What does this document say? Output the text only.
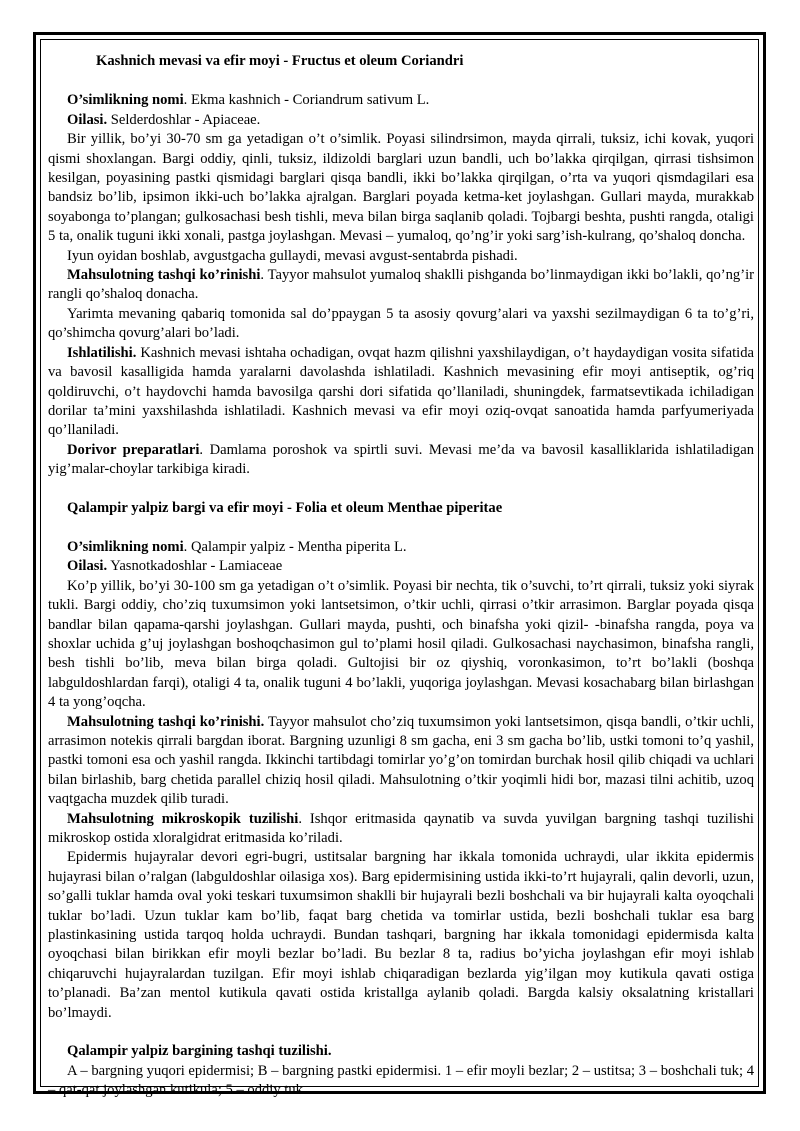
Kashnich mevasi va efir moyi - Fructus et oleum Coriandri

O’simlikning nomi. Ekma kashnich - Coriandrum sativum L.

Oilasi. Selderdoshlar - Apiaceae.

Bir yillik, bo’yi 30-70 sm ga yetadigan o’t o’simlik. Poyasi silindrsimon, mayda qirrali, tuksiz, ichi kovak, yuqori qismi shoxlangan. Bargi oddiy, qinli, tuksiz, ildizoldi barglari uzun bandli, uch bo’lakka qirqilgan, qirrasi tishsimon kesilgan, poyasining pastki qismidagi barglari qisqa bandli, ikki bo’lakka qirqilgan, o’rta va yuqori qismdagilari esa bandsiz bo’lib, ipsimon ikki-uch bo’lakka ajralgan. Barglari poyada ketma-ket joylashgan. Gullari mayda, murakkab soyabonga to’plangan; gulkosachasi besh tishli, meva bilan birga saqlanib qoladi. Tojbargi beshta, pushti rangda, otaligi 5 ta, onalik tuguni ikki xonali, pastga joylashgan. Mevasi – yumaloq, qo’ng’ir yoki sarg’ish-kulrang, qo’shaloq doncha.

Iyun oyidan boshlab, avgustgacha gullaydi, mevasi avgust-sentabrda pishadi.

Mahsulotning tashqi ko’rinishi. Tayyor mahsulot yumaloq shaklli pishganda bo’linmaydigan ikki bo’lakli, qo’ng’ir rangli qo’shaloq donacha.

Yarimta mevaning qabariq tomonida sal do’ppaygan 5 ta asosiy qovurg’alari va yaxshi sezilmaydigan 6 ta to’g’ri, qo’shimcha qovurg’alari bo’ladi.

Ishlatilishi. Kashnich mevasi ishtaha ochadigan, ovqat hazm qilishni yaxshilaydigan, o’t haydaydigan vosita sifatida va bavosil kasalligida hamda yaralarni davolashda ishlatiladi. Kashnich mevasining efir moyi antiseptik, og’riq qoldiruvchi, o’t haydovchi hamda bavosilga qarshi dori sifatida qo’llaniladi, shuningdek, farmatsevtikada ichiladigan dorilar ta’mini yaxshilashda ishlatiladi. Kashnich mevasi va efir moyi oziq-ovqat sanoatida hamda parfyumeriyada qo’llaniladi.

Dorivor preparatlari. Damlama poroshok va spirtli suvi. Mevasi me’da va bavosil kasalliklarida ishlatiladigan yig’malar-choylar tarkibiga kiradi.

Qalampir yalpiz bargi va efir moyi - Folia et oleum Menthae piperitae

O’simlikning nomi. Qalampir yalpiz - Mentha piperita L.

Oilasi. Yasnotkadoshlar - Lamiaceae

Ko’p yillik, bo’yi 30-100 sm ga yetadigan o’t o’simlik. Poyasi bir nechta, tik o’suvchi, to’rt qirrali, tuksiz yoki siyrak tukli. Bargi oddiy, cho’ziq tuxumsimon yoki lantsetsimon, o’tkir uchli, qirrasi o’tkir arrasimon. Barglar poyada qisqa bandlar bilan qapama-qarshi joylashgan. Gullari mayda, pushti, och binafsha yoki qizil- -binafsha rangda, poya va shoxlar uchida g’uj joylashgan boshoqchasimon gul to’plami hosil qiladi. Gulkosachasi naychasimon, binafsha rangli, besh tishli bo’lib, meva bilan birga qoladi. Gultojisi bir oz qiyshiq, voronkasimon, to’rt bo’lakli (boshqa labguldoshlardan farqi), otaligi 4 ta, onalik tuguni 4 bo’lakli, yuqoriga joylashgan. Mevasi kosachabarg bilan birlashgan 4 ta yong’oqcha.

Mahsulotning tashqi ko’rinishi. Tayyor mahsulot cho’ziq tuxumsimon yoki lantsetsimon, qisqa bandli, o’tkir uchli, arrasimon notekis qirrali bargdan iborat. Bargning uzunligi 8 sm gacha, eni 3 sm gacha bo’lib, ustki tomoni to’q yashil, pastki tomoni esa och yashil rangda. Ikkinchi tartibdagi tomirlar yo’g’on tomirdan burchak hosil qilib chiqadi va uchlari bilan birlashib, barg chetida parallel chiziq hosil qiladi. Mahsulotning o’tkir yoqimli hidi bor, mazasi tilni achitib, uzoq vaqtgacha muzdek qilib turadi.

Mahsulotning mikroskopik tuzilishi. Ishqor eritmasida qaynatib va suvda yuvilgan bargning tashqi tuzilishi mikroskop ostida xloralgidrat eritmasida ko’riladi.

Epidermis hujayralar devori egri-bugri, ustitsalar bargning har ikkala tomonida uchraydi, ular ikkita epidermis hujayrasi bilan o’ralgan (labguldoshlar oilasiga xos). Barg epidermisining ustida ikki-to’rt hujayrali, qalin devorli, uzun, so’galli tuklar hamda oval yoki teskari tuxumsimon shaklli bir hujayrali bezli boshchali va bir hujayrali kalta oyoqchali tuklar bo’ladi. Uzun tuklar kam bo’lib, faqat barg chetida va tomirlar ustida, bezli boshchali tuklar esa barg plastinkasining ustida tarqoq holda uchraydi. Bundan tashqari, bargning har ikkala tomonidagi epidermisda kalta oyoqchasi bilan birikkan efir moyli bezlar bo’ladi. Bu bezlar 8 ta, radius bo’yicha joylashgan efir moyi ishlab chiqaruvchi hujayralardan tuzilgan. Efir moyi ishlab chiqaradigan bezlarda yig’ilgan moy kutikula qavati ostiga to’planadi. Ba’zan mentol kutikula qavati ostida kristallga aylanib qoladi. Bargda kalsiy oksalatning kristallari bo’lmaydi.

Qalampir yalpiz bargining tashqi tuzilishi.

A – bargning yuqori epidermisi; B – bargning pastki epidermisi. 1 – efir moyli bezlar; 2 – ustitsa; 3 – boshchali tuk; 4 – qat-qat joylashgan kutikula; 5 – oddiy tuk.
